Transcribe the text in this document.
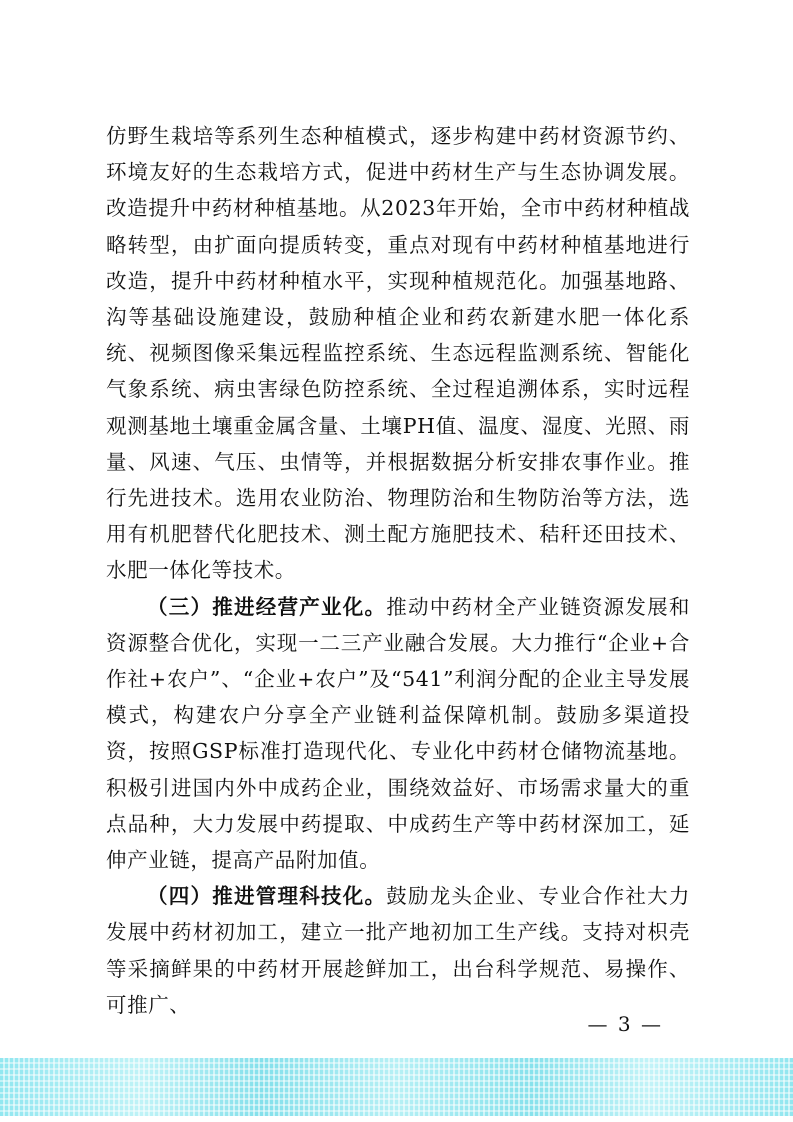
仿野生栽培等系列生态种植模式，逐步构建中药材资源节约、环境友好的生态栽培方式，促进中药材生产与生态协调发展。改造提升中药材种植基地。从2023年开始，全市中药材种植战略转型，由扩面向提质转变，重点对现有中药材种植基地进行改造，提升中药材种植水平，实现种植规范化。加强基地路、沟等基础设施建设，鼓励种植企业和药农新建水肥一体化系统、视频图像采集远程监控系统、生态远程监测系统、智能化气象系统、病虫害绿色防控系统、全过程追溯体系，实时远程观测基地土壤重金属含量、土壤PH值、温度、湿度、光照、雨量、风速、气压、虫情等，并根据数据分析安排农事作业。推行先进技术。选用农业防治、物理防治和生物防治等方法，选用有机肥替代化肥技术、测土配方施肥技术、秸秆还田技术、水肥一体化等技术。

（三）推进经营产业化。推动中药材全产业链资源发展和资源整合优化，实现一二三产业融合发展。大力推行“企业+合作社+农户”、“企业+农户”及“541”利润分配的企业主导发展模式，构建农户分享全产业链利益保障机制。鼓励多渠道投资，按照GSP标准打造现代化、专业化中药材仓储物流基地。积极引进国内外中成药企业，围绕效益好、市场需求量大的重点品种，大力发展中药提取、中成药生产等中药材深加工，延伸产业链，提高产品附加值。

（四）推进管理科技化。鼓励龙头企业、专业合作社大力发展中药材初加工，建立一批产地初加工生产线。支持对枳壳等采摘鲜果的中药材开展趁鲜加工，出台科学规范、易操作、可推广、

— 3 —
